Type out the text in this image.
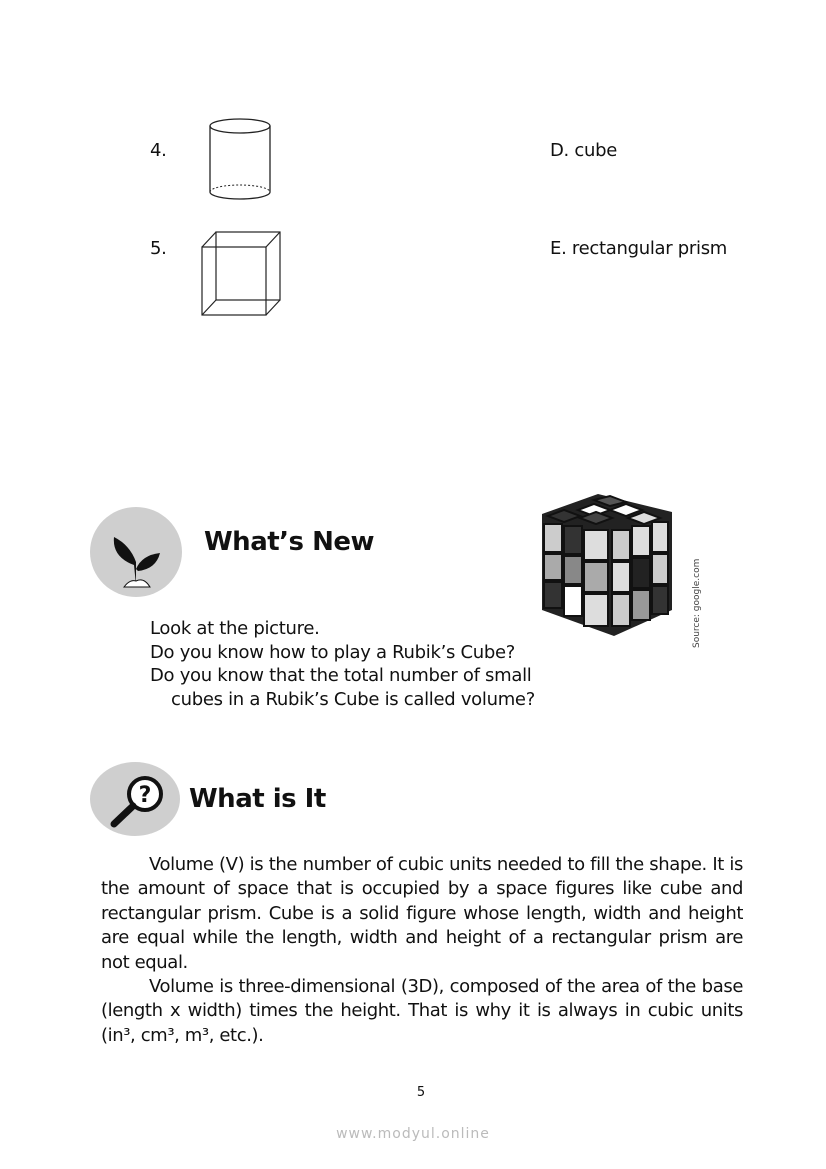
4.	D. cube
5.	E. rectangular prism
What’s New
Source: google.com
Look at the picture.
Do you know how to play a Rubik’s Cube?
Do you know that the total number of small
cubes in a Rubik’s Cube is called volume?
? What is It

Volume (V) is the number of cubic units needed to fill the shape. It is the amount of space that is occupied by a space figures like cube and rectangular prism. Cube is a solid figure whose length, width and height are equal while the length, width and height of a rectangular prism are not equal.

Volume is three-dimensional (3D), composed of the area of the base (length x width) times the height. That is why it is always in cubic units (in³, cm³, m³, etc.).

5
www.modyul.online
